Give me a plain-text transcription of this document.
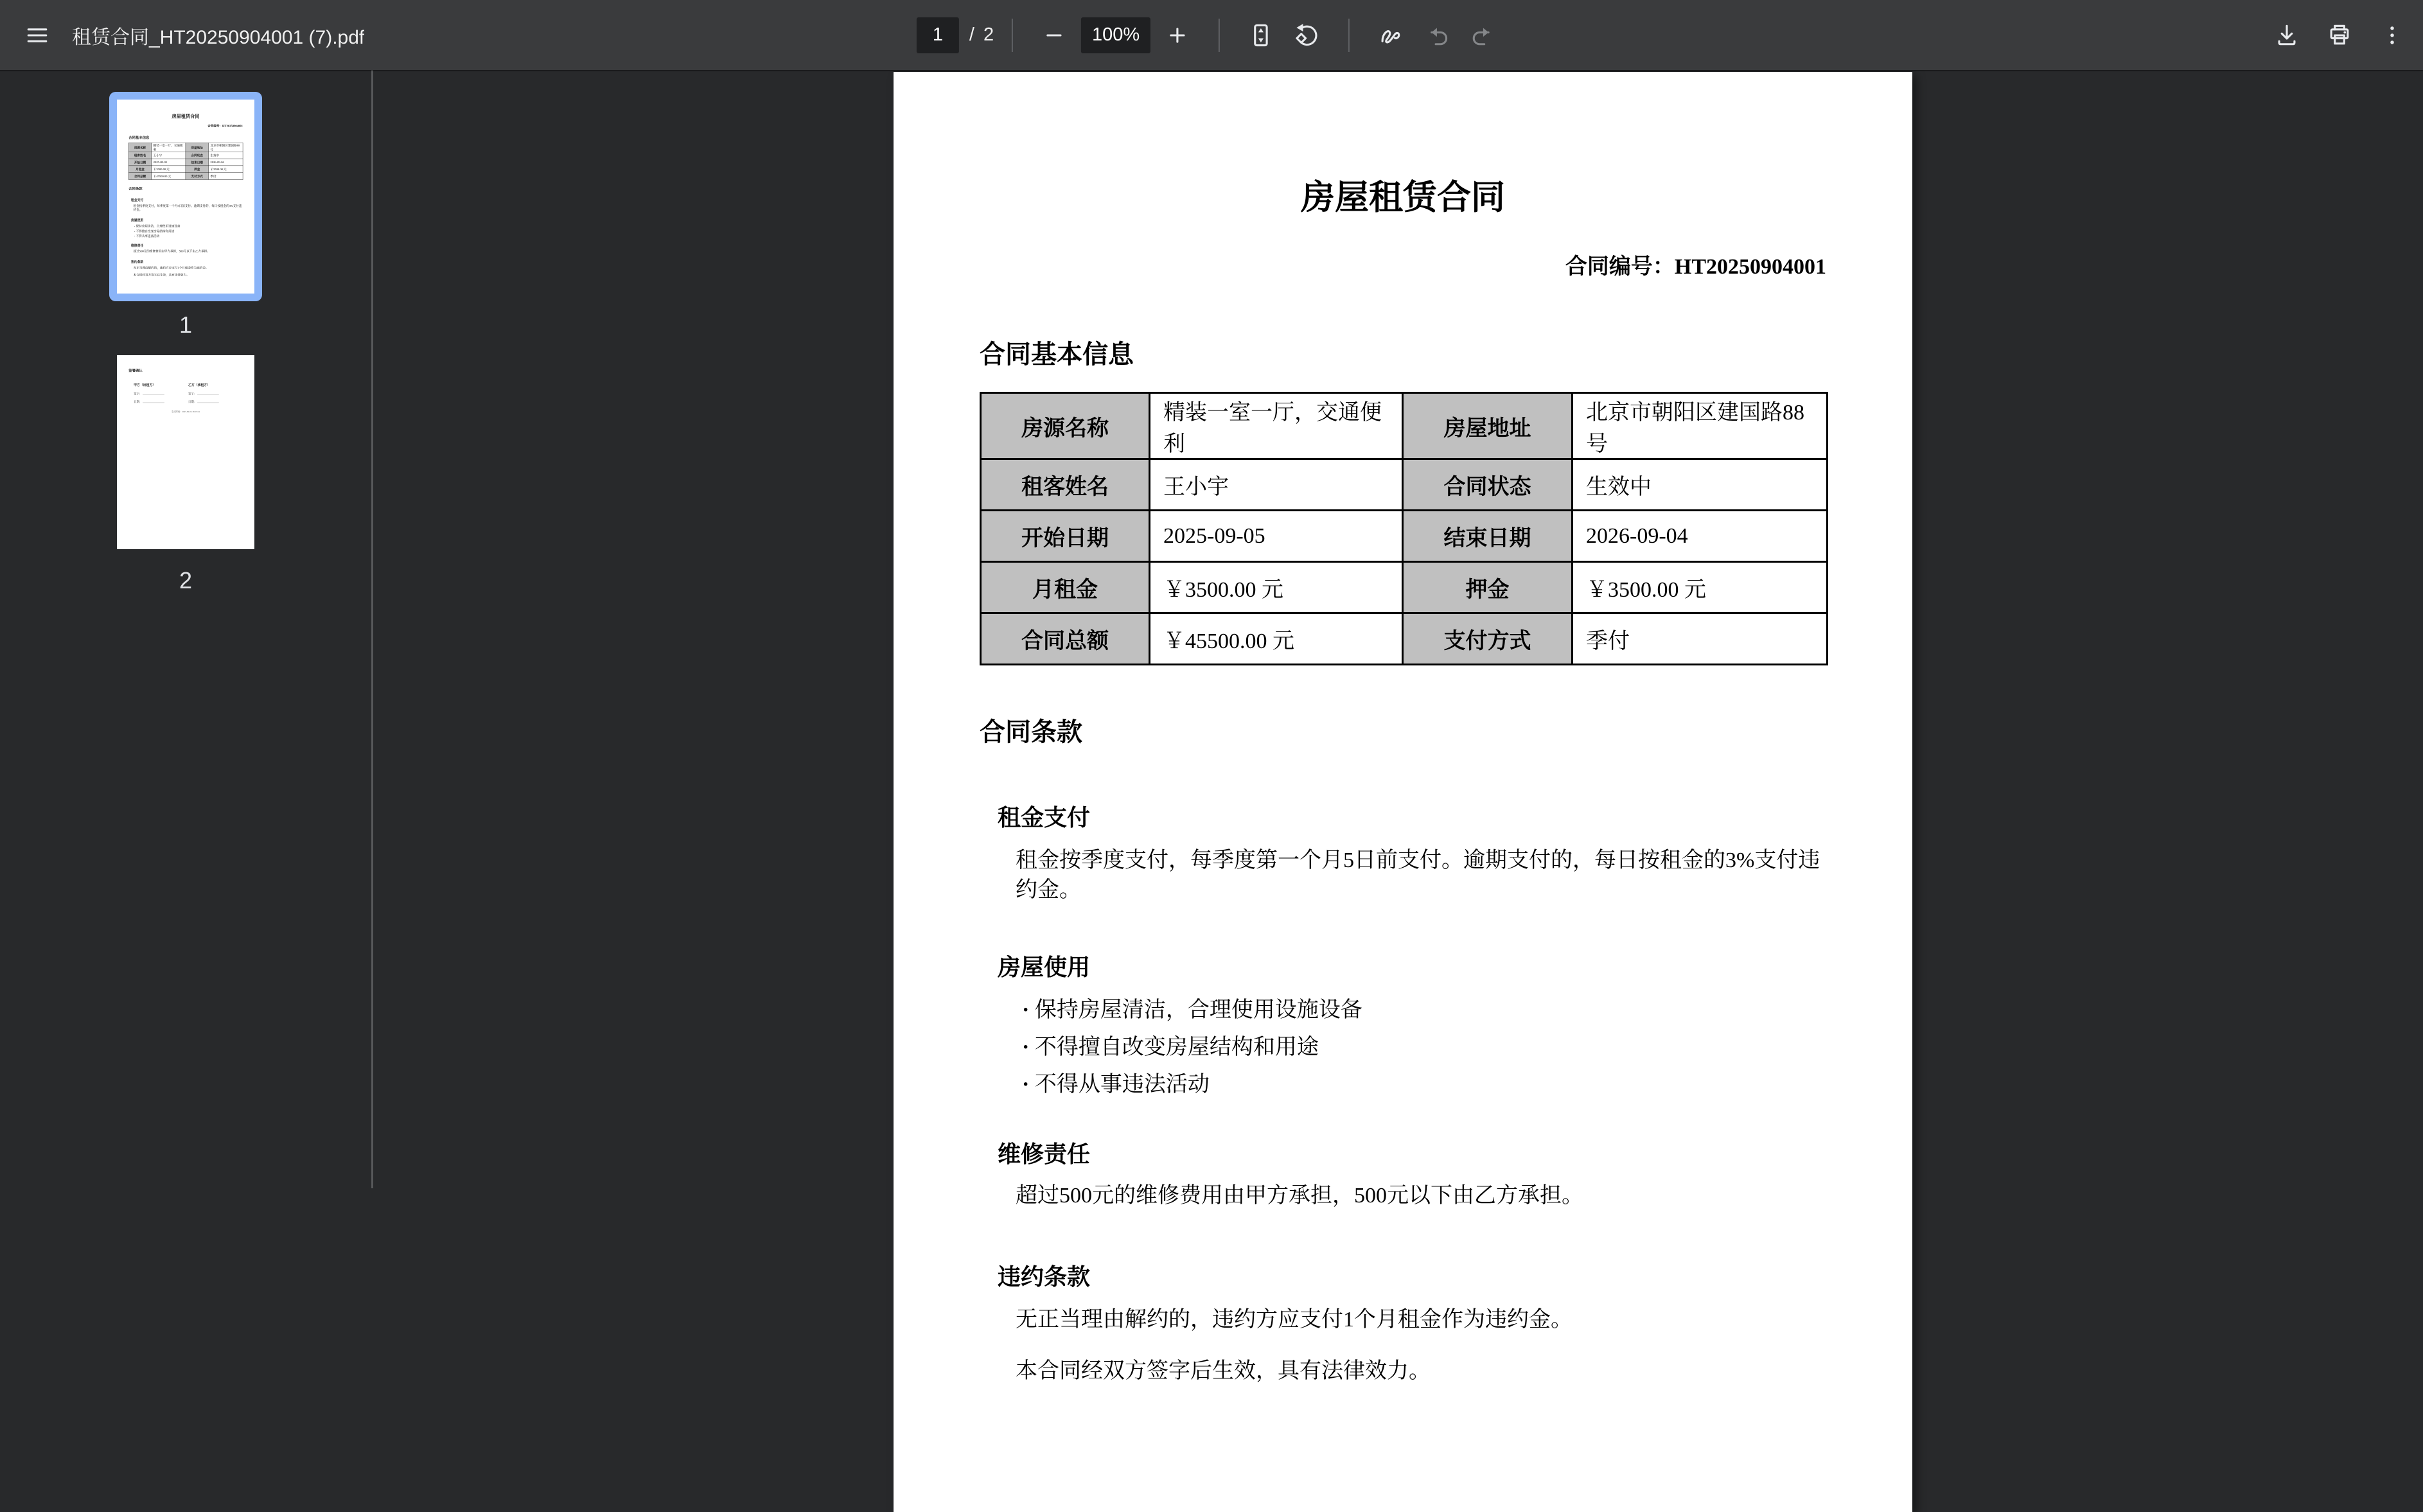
租赁合同_HT20250904001 (7).pdf
1	/ 2
100%
房屋租赁合同
合同编号：HT20250904001
合同基本信息
房源名称	精装一室一厅，交通便利	房屋地址	北京市朝阳区建国路88号
租客姓名	王小宇	合同状态	生效中
开始日期	2025-09-05	结束日期	2026-09-04
月租金	￥3500.00 元	押金	￥3500.00 元
合同总额	￥45500.00 元	支付方式	季付
合同条款
租金支付
租金按季度支付，每季度第一个月5日前支付。逾期支付的，每日按租金的3%支付违约金。
房屋使用
· 保持房屋清洁，合理使用设施设备
· 不得擅自改变房屋结构和用途
· 不得从事违法活动
维修责任
超过500元的维修费用由甲方承担，500元以下由乙方承担。
违约条款
无正当理由解约的，违约方应支付1个月租金作为违约金。
本合同经双方签字后生效，具有法律效力。
1
签署确认
甲方（出租方）
签字：
日期：
乙方（承租方）
签字：
日期：
生成时间：2025-09-04 16:53:24
2
房屋租赁合同
合同编号：HT20250904001
合同基本信息
房源名称	精装一室一厅，交通便利	房屋地址	北京市朝阳区建国路88号
租客姓名	王小宇	合同状态	生效中
开始日期	2025-09-05	结束日期	2026-09-04
月租金	￥3500.00 元	押金	￥3500.00 元
合同总额	￥45500.00 元	支付方式	季付
合同条款
租金支付
租金按季度支付，每季度第一个月5日前支付。逾期支付的，每日按租金的3%支付违约金。
房屋使用
· 保持房屋清洁，合理使用设施设备
· 不得擅自改变房屋结构和用途
· 不得从事违法活动
维修责任
超过500元的维修费用由甲方承担，500元以下由乙方承担。
违约条款
无正当理由解约的，违约方应支付1个月租金作为违约金。
本合同经双方签字后生效，具有法律效力。
